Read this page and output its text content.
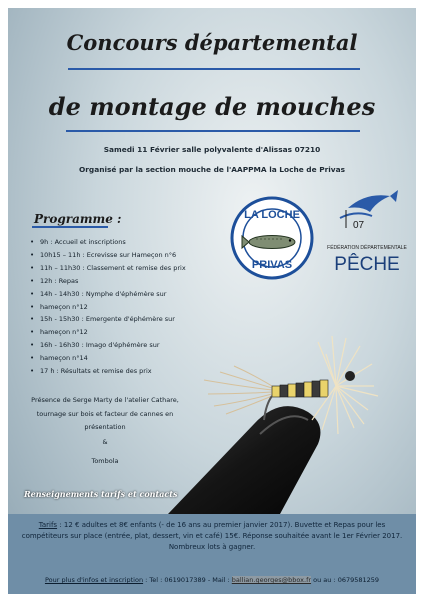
Concours départemental
de montage de mouches
Samedi 11 Février salle polyvalente d'Alissas 07210
Organisé par la section mouche de l'AAPPMA la Loche de Privas
LA LOCHE
PRIVAS
07
FÉDÉRATION DÉPARTEMENTALE
PÊCHE
Programme :
• 9h : Accueil et inscriptions
• 10h15 – 11h : Ecrevisse sur Hameçon n°6
• 11h – 11h30 : Classement et remise des prix
• 12h : Repas
• 14h - 14h30 : Nymphe d'éphémère sur
• hameçon n°12
• 15h - 15h30 : Emergente d'éphémère sur
• hameçon n°12
• 16h - 16h30 : Imago d'éphémère sur
• hameçon n°14
• 17 h : Résultats et remise des prix
Présence de Serge Marty de l'atelier Cathare, tournage sur bois et facteur de cannes en présentation
&
Tombola
Renseignements tarifs et contacts
Tarifs : 12 € adultes et 8€ enfants (- de 16 ans au premier janvier 2017). Buvette et Repas pour les compétiteurs sur place (entrée, plat, dessert, vin et café) 15€. Réponse souhaitée avant le 1er Février 2017. Nombreux lots à gagner.
Pour plus d'infos et inscription : Tel : 0619017389 - Mail : ballian.georges@bbox.fr ou au : 0679581259
